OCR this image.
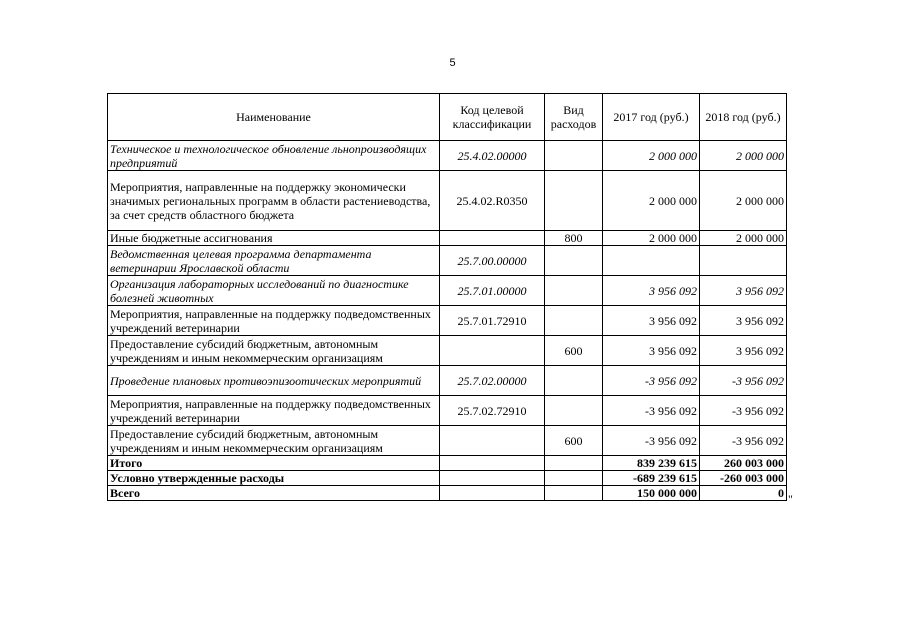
5
Наименование	Код целевой классификации	Вид расходов	2017 год (руб.)	2018 год (руб.)
Техническое и технологическое обновление льнопроизводящих предприятий	25.4.02.00000		2 000 000	2 000 000
Мероприятия, направленные на поддержку экономически значимых региональных программ в области растениеводства, за счет средств областного бюджета	25.4.02.R0350		2 000 000	2 000 000
Иные бюджетные ассигнования		800	2 000 000	2 000 000
Ведомственная целевая программа департамента ветеринарии Ярославской области	25.7.00.00000			
Организация лабораторных исследований по диагностике болезней животных	25.7.01.00000		3 956 092	3 956 092
Мероприятия, направленные на поддержку подведомственных учреждений ветеринарии	25.7.01.72910		3 956 092	3 956 092
Предоставление субсидий бюджетным, автономным учреждениям и иным некоммерческим организациям		600	3 956 092	3 956 092
Проведение плановых противоэпизоотических мероприятий	25.7.02.00000		-3 956 092	-3 956 092
Мероприятия, направленные на поддержку подведомственных учреждений ветеринарии	25.7.02.72910		-3 956 092	-3 956 092
Предоставление субсидий бюджетным, автономным учреждениям и иным некоммерческим организациям		600	-3 956 092	-3 956 092
Итого			839 239 615	260 003 000
Условно утвержденные расходы			-689 239 615	-260 003 000
Всего			150 000 000	0 "
